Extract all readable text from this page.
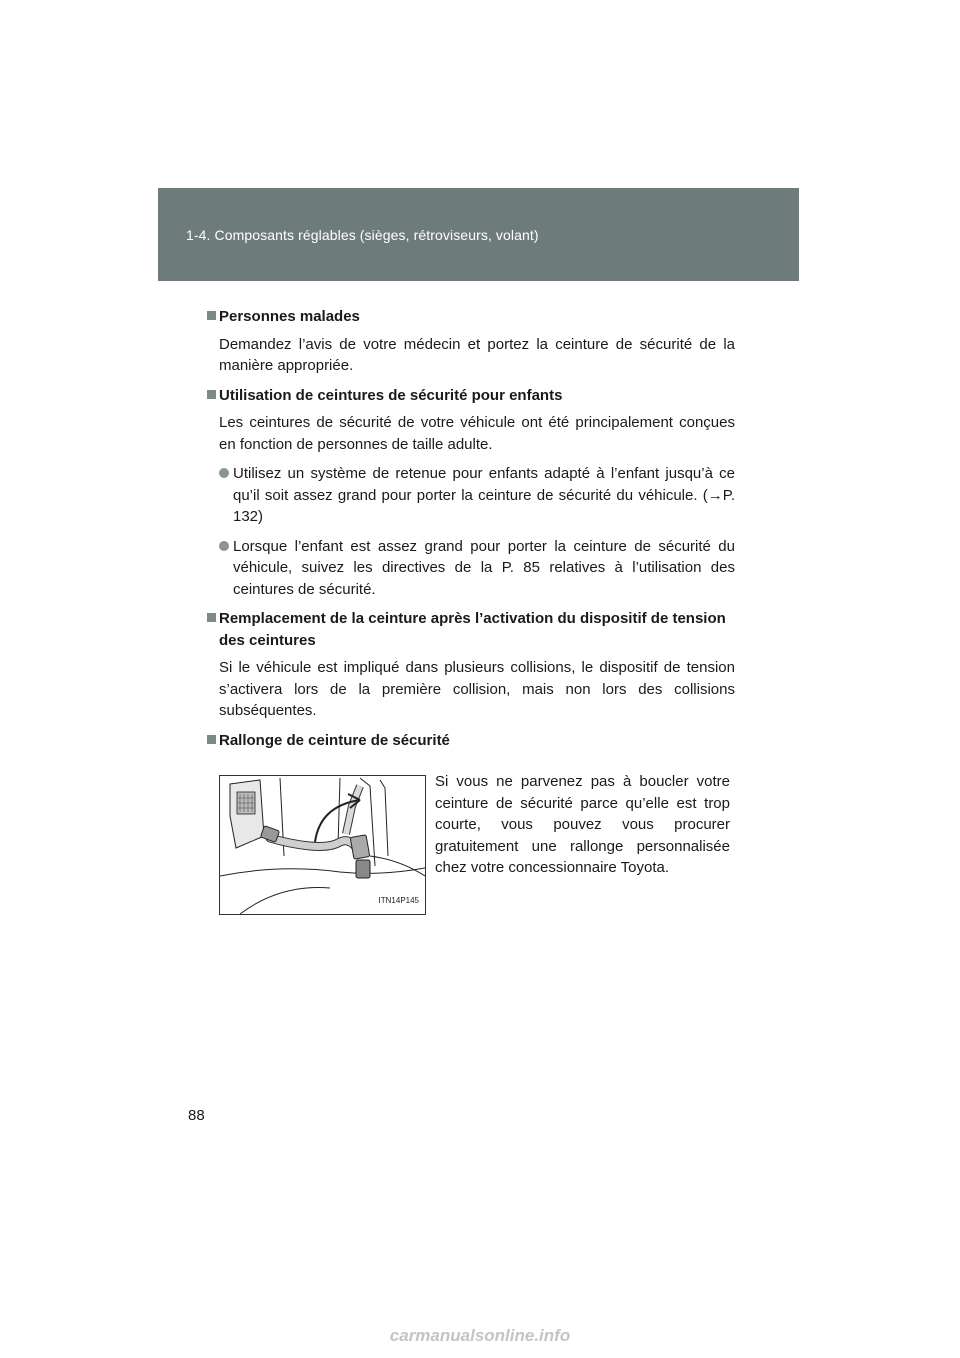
1-4. Composants réglables (sièges, rétroviseurs, volant)
Personnes malades

Demandez l’avis de votre médecin et portez la ceinture de sécurité de la manière appropriée.

Utilisation de ceintures de sécurité pour enfants

Les ceintures de sécurité de votre véhicule ont été principalement conçues en fonction de personnes de taille adulte.

Utilisez un système de retenue pour enfants adapté à l’enfant jusqu’à ce qu’il soit assez grand pour porter la ceinture de sécurité du véhicule. (→P. 132)
Lorsque l’enfant est assez grand pour porter la ceinture de sécurité du véhicule, suivez les directives de la P. 85 relatives à l’utilisation des ceintures de sécurité.
Remplacement de la ceinture après l’activation du dispositif de tension des ceintures

Si le véhicule est impliqué dans plusieurs collisions, le dispositif de tension s’activera lors de la première collision, mais non lors des collisions subséquentes.

Rallonge de ceinture de sécurité
ITN14P145
Si vous ne parvenez pas à boucler votre ceinture de sécurité parce qu’elle est trop courte, vous pouvez vous procurer gratuitement une rallonge personnalisée chez votre concessionnaire Toyota.
88
carmanualsonline.info
